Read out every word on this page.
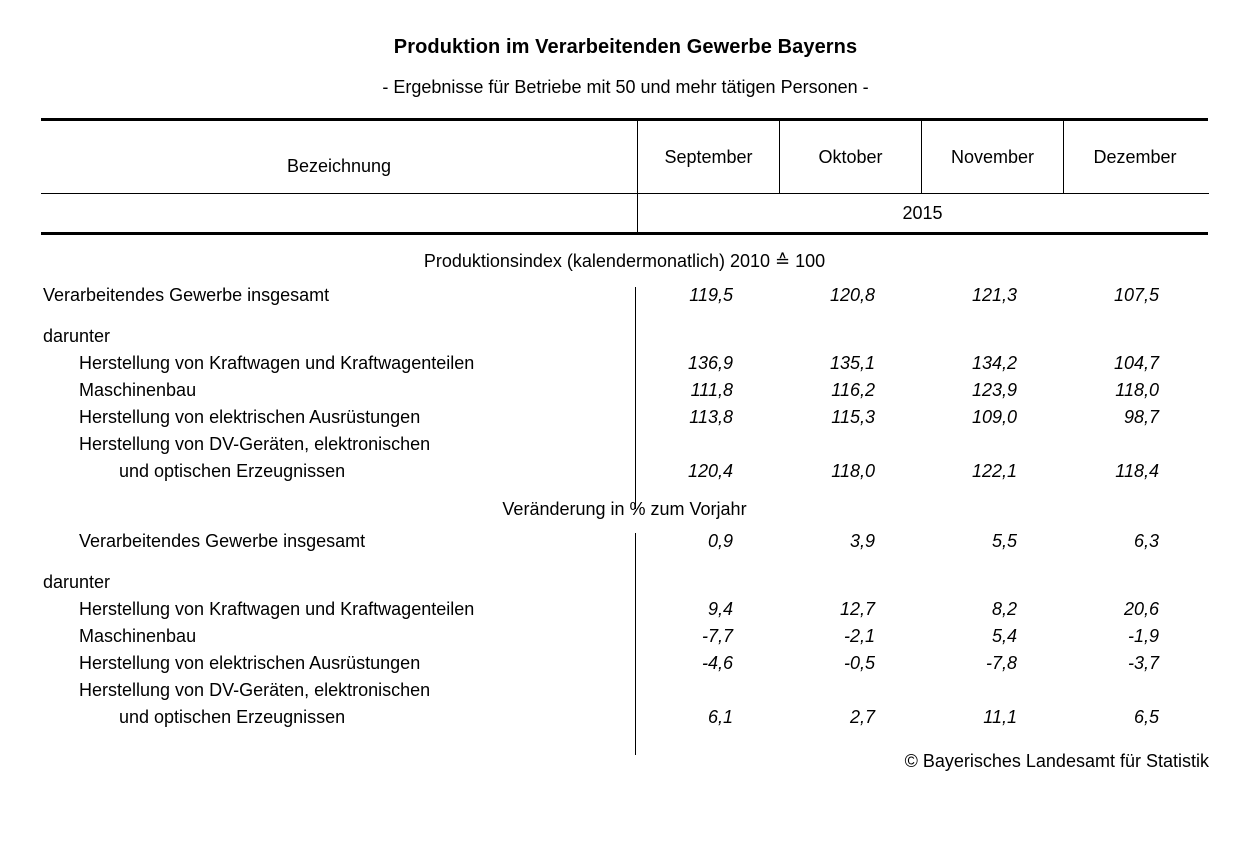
Produktion im Verarbeitenden Gewerbe Bayerns
- Ergebnisse für Betriebe mit 50 und mehr tätigen Personen -
Bezeichnung	September	Oktober	November	Dezember
2015
Produktionsindex (kalendermonatlich) 2010 ≙ 100
Verarbeitendes Gewerbe insgesamt	119,5	120,8	121,3	107,5
darunter
Herstellung von Kraftwagen und Kraftwagenteilen	136,9	135,1	134,2	104,7
Maschinenbau	111,8	116,2	123,9	118,0
Herstellung von elektrischen Ausrüstungen	113,8	115,3	109,0	98,7
Herstellung von DV-Geräten, elektronischen
und optischen Erzeugnissen	120,4	118,0	122,1	118,4
Veränderung in % zum Vorjahr
Verarbeitendes Gewerbe insgesamt	0,9	3,9	5,5	6,3
darunter
Herstellung von Kraftwagen und Kraftwagenteilen	9,4	12,7	8,2	20,6
Maschinenbau	-7,7	-2,1	5,4	-1,9
Herstellung von elektrischen Ausrüstungen	-4,6	-0,5	-7,8	-3,7
Herstellung von DV-Geräten, elektronischen
und optischen Erzeugnissen	6,1	2,7	11,1	6,5
© Bayerisches Landesamt für Statistik
